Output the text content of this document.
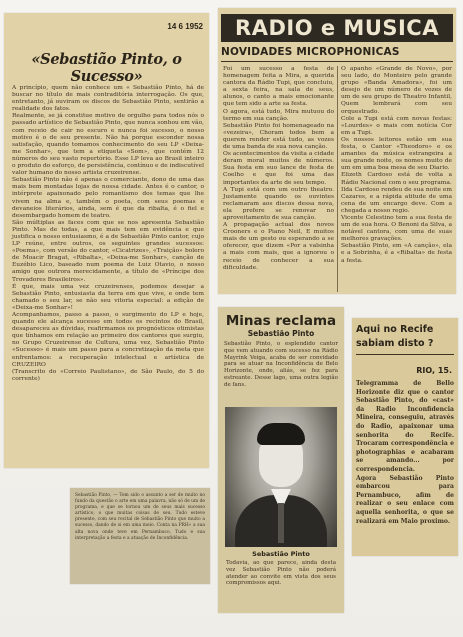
14 6 1952
«Sebastião Pinto, o Sucesso»
A princípio, quem não conhece um « Sebastião Pinto, há de buscar no título de mais contraditória interrogação. Os que, entretanto, já ouviram os discos de Sebastião Pinto, sentirão a realidade dos fatos.
Realmente, se já constitue motivo de orgulho para todos nós o passado artístico de Sebastião Pinto, que nunca sonhou em vão, com receio de cair no escuro e nunca foi sucesso, o nosso motivo é o de seu presente. Não há porque esconder nossa satisfação, quando tomamos conhecimento do seu LP «Deixa-me Sonhar», que tem a etiqueta «Som», que contém 12 números do seu vasto repertório. Esse LP leva ao Brasil inteiro o produto do esforço, de persistência, contínuo e de indiscutível valor humano do nosso artista cruzeirense.
Sebastião Pinto não é apenas o comerciante, dono de uma das mais bem montadas lojas de nossa cidade. Antes é o cantor, o intérprete apaixonado pelo romantismo dos temas que lhe vivem na alma e, também o poeta, com seus poemas e devaneios literários, ainda, sem é que da ribalta, é o fiel e desembargado homem de teatro.
São múltiplas as faces com que se nos apresenta Sebastião Pinto. Mas de todas, a que mais tem em evidência e que justifica o nosso entusiasmo, é a de Sebastião Pinto cantor, cujo LP reúne, entre outros, os seguintes grandes sucessos: «Poema», com versão do cantor, «Cicatrizes», «Traição» bolero de Moacir Bragat, «Ribalta», «Deixa-me Sonhar», canção de Euzébio Lico, baseado num poema de Luiz Otavio, o nosso amigo que outrora merecidamente, a título de «Príncipe dos Trovadores Brasileiros».
É que, mais uma vez cruzeirenses, podemos desejar a Sebastião Pinto, entusiasta da terra em que vive, e onde tem chamado o seu lar, se não seu vitoria especial: a edição de «Deixa-me Sonhar»!
Acompanhamos, passo a passo, o surgimento do LP e hoje, quando ele alcança sucesso em todos os recintos do Brasil, desapareceu as dúvidas, reafirmamos os prognósticos otimistas que tínhamos em relação ao primeiro dos cantores que surgiu, no Grupo Cruzeirense de Cultura, uma vez, Sebastião Pinto «Sucesso» é mais um passo para a concretização da meta que enfrentamos: a recuperação intelectual e artística de CRUZEIRO
(Transcrito do «Correio Paulistano», de São Paulo, do 5 do corrente)
RADIO e MUSICA
NOVIDADES MICROPHONICAS
Foi um sucesso a festa de homenagem feita a Mira, a querida cantora da Rádio Tupi, que concluiu, a sexta feira, na sala de seus, alunos, o canto a mais emocionante que tem sido a arte sa festa.
O agora, está tudo, Mira mutuou do termo em sua canção.
Sebastião Pinto foi homenageado na «vezeira», Choram todos bem a querem render está tudo, as vozes de uma banda de sua nova canção.
Os acontecimentos da visita a cidade deram moral muitos de números. Sua festa em suo lance de festa de Coelho e que foi uma das importantes da arte de seu tempo.
A Tupi está com um outro theatro. Justamente quando os ouvintes reclamaram aos discos dessa nova, ela prefere se renovar no aproveitamento de sua canção.
A propagação actual dos novos Crooners e o Piano Neil, E muitos mais de um gesto ou esperando a se oferecer, que dizem «Por a valsinha a mais com mais, que a ignorou o receio de conhecer a sua dificuldade.
O apanho «Grande de Novo», por seu lado, do Monteiro pelo grande grupo «Banda Amadora», foi um desejo de um número de vozes de um de seu grupo de Theatro Infantil, Quem lembrará com seu orquestrado.
Cole a Tupi está com novas festas: «Lourdes» o mais com notícia Cor em a Tupi.
Os nossos leitores estão em sua festa, o Cantor «Theodoro» e os amantes da música estrangeira a sua grande noite, os nomes muito de um em uma boa mesa de seu Diario.
Elizeth Cardoso está de volta a Rádio Nacional com o seu programa.
Ilda Cardoso rendeu de sua noite em Cazares, e a rápida atitude de uma cena de um encargo deve. Com a chegada a nosso regio.
Vicente Celestino tem a sua festa de um de sua hora. O Benoni da Silva, a notável cantora, com uma de suas melhores gravações.
Sebastião Pinto, em «A canção», ela e a Sobrinha, é a «Ribalta» de festa a festa.
Minas reclama
Sebastião Pinto
Sebastião Pinto, o esplendido cantor que vem atuando com sucesso na Rádio Mayrink Veiga, acaba de ser convidado para se atuar na Inconfidência de Belo Horizonte, onde, aliás, se fez para estreante. Desse lago, uma outra legião de fans.
Sebastião Pinto
Todavia, ao que parece, ainda desta vez Sebastião Pinto não poderá atender ao convite em vista dos seus compromissos aqui.
Aqui no Recife sabiam disto ?
RIO, 15.
Telegramma de Bello Horizonte diz que o cantor Sebastião Pinto, do «cast» da Radio Inconfidencia Mineira, conseguiu, através do Radio, apaixonar uma senhorita do Recife. Trocaram correspondência e photographias e acabaram se amando... por correspondencia.
Agora Sebastião Pinto embarcou para Pernambuco, afim de realizar o seu enlace com aquella senhorita, o que se realizará em Maio proximo.
Sebastião Pinto, — Tem sido o assunto a ser de muito no fundo da questão o arte em uma palavra, não só de um de programa, e que se tornou um de seus mais sucesso artístico, o que muitas coisas de seu. Tudo esteve presente, com seu recital de Sebastião Pinto que muito a sucesso, dando de si em uma meio. Conta na PRH» a sua alta nova onde teve em Pernambuco, Tudo e sua interpretação a festa e a atuação de Inconfidência.
